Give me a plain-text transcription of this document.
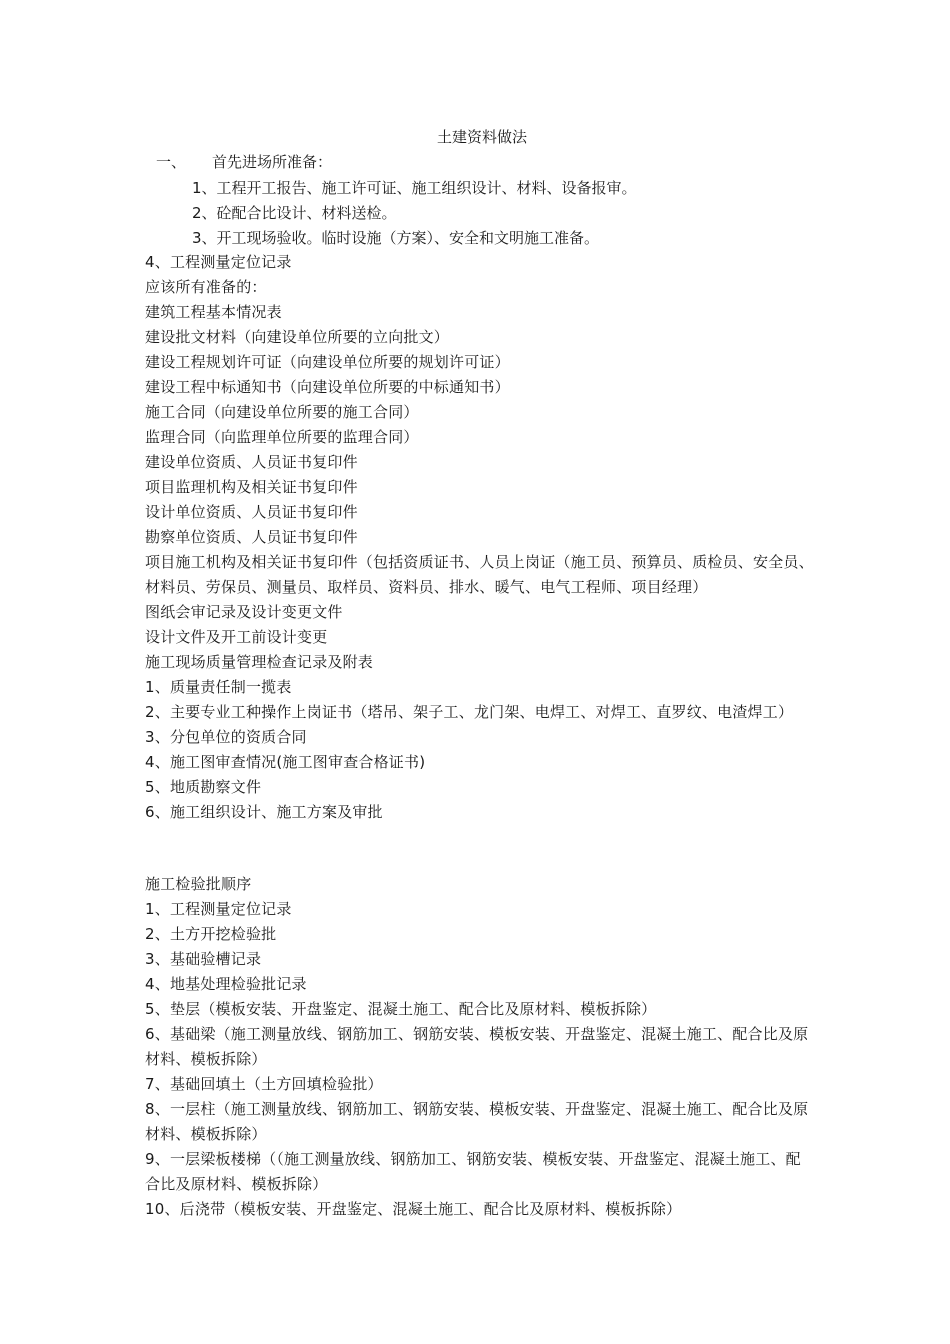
土建资料做法
一、 首先进场所准备：
1、工程开工报告、施工许可证、施工组织设计、材料、设备报审。
2、砼配合比设计、材料送检。
3、开工现场验收。临时设施（方案）、安全和文明施工准备。
4、工程测量定位记录
应该所有准备的：
建筑工程基本情况表
建设批文材料（向建设单位所要的立向批文）
建设工程规划许可证（向建设单位所要的规划许可证）
建设工程中标通知书（向建设单位所要的中标通知书）
施工合同（向建设单位所要的施工合同）
监理合同（向监理单位所要的监理合同）
建设单位资质、人员证书复印件
项目监理机构及相关证书复印件
设计单位资质、人员证书复印件
勘察单位资质、人员证书复印件
项目施工机构及相关证书复印件（包括资质证书、人员上岗证（施工员、预算员、质检员、安全员、材料员、劳保员、测量员、取样员、资料员、排水、暖气、电气工程师、项目经理）
图纸会审记录及设计变更文件
设计文件及开工前设计变更
施工现场质量管理检查记录及附表
1、质量责任制一揽表
2、主要专业工种操作上岗证书（塔吊、架子工、龙门架、电焊工、对焊工、直罗纹、电渣焊工）
3、分包单位的资质合同
4、施工图审查情况(施工图审查合格证书)
5、地质勘察文件
6、施工组织设计、施工方案及审批
施工检验批顺序
1、工程测量定位记录
2、土方开挖检验批
3、基础验槽记录
4、地基处理检验批记录
5、垫层（模板安装、开盘鉴定、混凝土施工、配合比及原材料、模板拆除）
6、基础梁（施工测量放线、钢筋加工、钢筋安装、模板安装、开盘鉴定、混凝土施工、配合比及原材料、模板拆除）
7、基础回填土（土方回填检验批）
8、一层柱（施工测量放线、钢筋加工、钢筋安装、模板安装、开盘鉴定、混凝土施工、配合比及原材料、模板拆除）
9、一层梁板楼梯（（施工测量放线、钢筋加工、钢筋安装、模板安装、开盘鉴定、混凝土施工、配合比及原材料、模板拆除）
10、后浇带（模板安装、开盘鉴定、混凝土施工、配合比及原材料、模板拆除）
